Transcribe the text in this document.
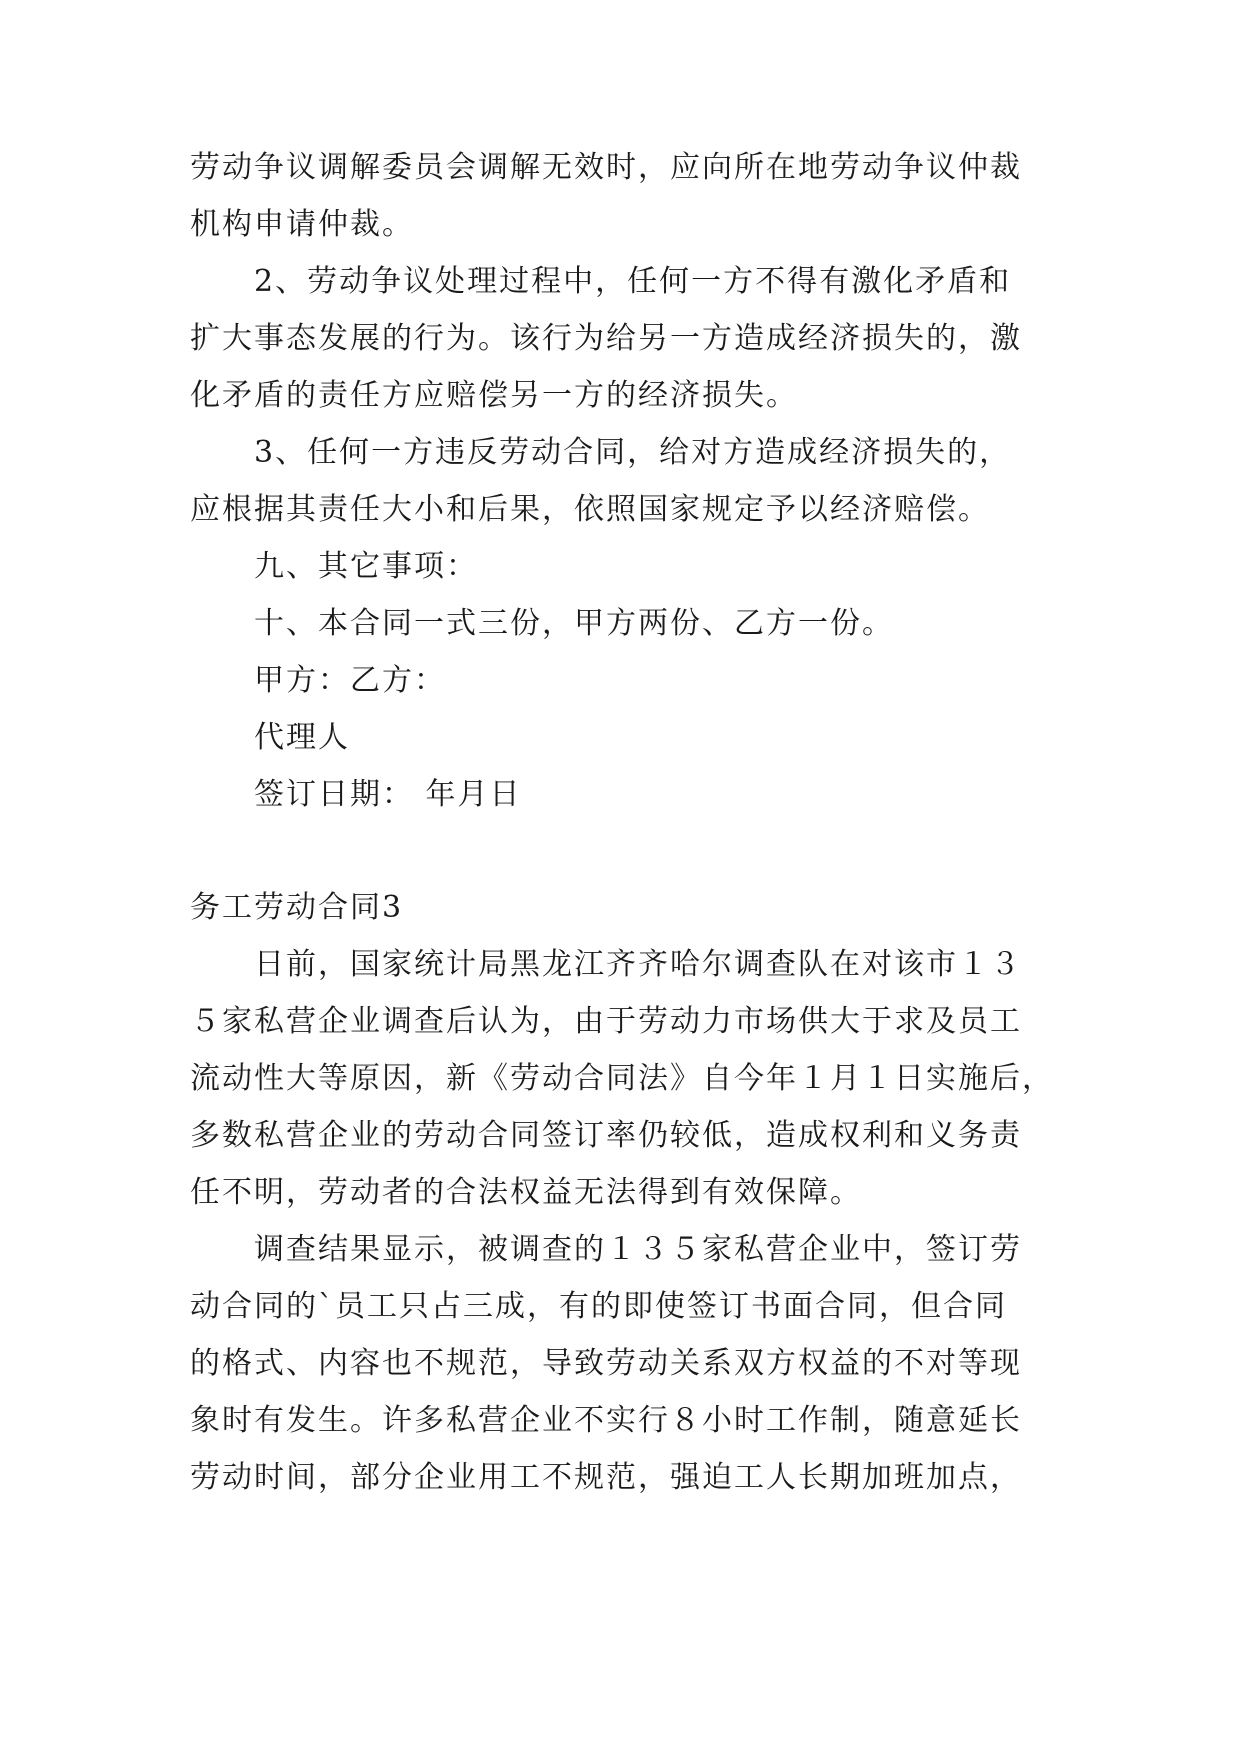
劳动争议调解委员会调解无效时，应向所在地劳动争议仲裁
机构申请仲裁。
2、劳动争议处理过程中，任何一方不得有激化矛盾和
扩大事态发展的行为。该行为给另一方造成经济损失的，激
化矛盾的责任方应赔偿另一方的经济损失。
3、任何一方违反劳动合同，给对方造成经济损失的，
应根据其责任大小和后果，依照国家规定予以经济赔偿。
九、其它事项：
十、本合同一式三份，甲方两份、乙方一份。
甲方：乙方：
代理人
签订日期： 年月日
务工劳动合同3
日前，国家统计局黑龙江齐齐哈尔调查队在对该市１３
５家私营企业调查后认为，由于劳动力市场供大于求及员工
流动性大等原因，新《劳动合同法》自今年１月１日实施后，
多数私营企业的劳动合同签订率仍较低，造成权利和义务责
任不明，劳动者的合法权益无法得到有效保障。
调查结果显示，被调查的１３５家私营企业中，签订劳
动合同的`员工只占三成，有的即使签订书面合同，但合同
的格式、内容也不规范，导致劳动关系双方权益的不对等现
象时有发生。许多私营企业不实行８小时工作制，随意延长
劳动时间，部分企业用工不规范，强迫工人长期加班加点，
